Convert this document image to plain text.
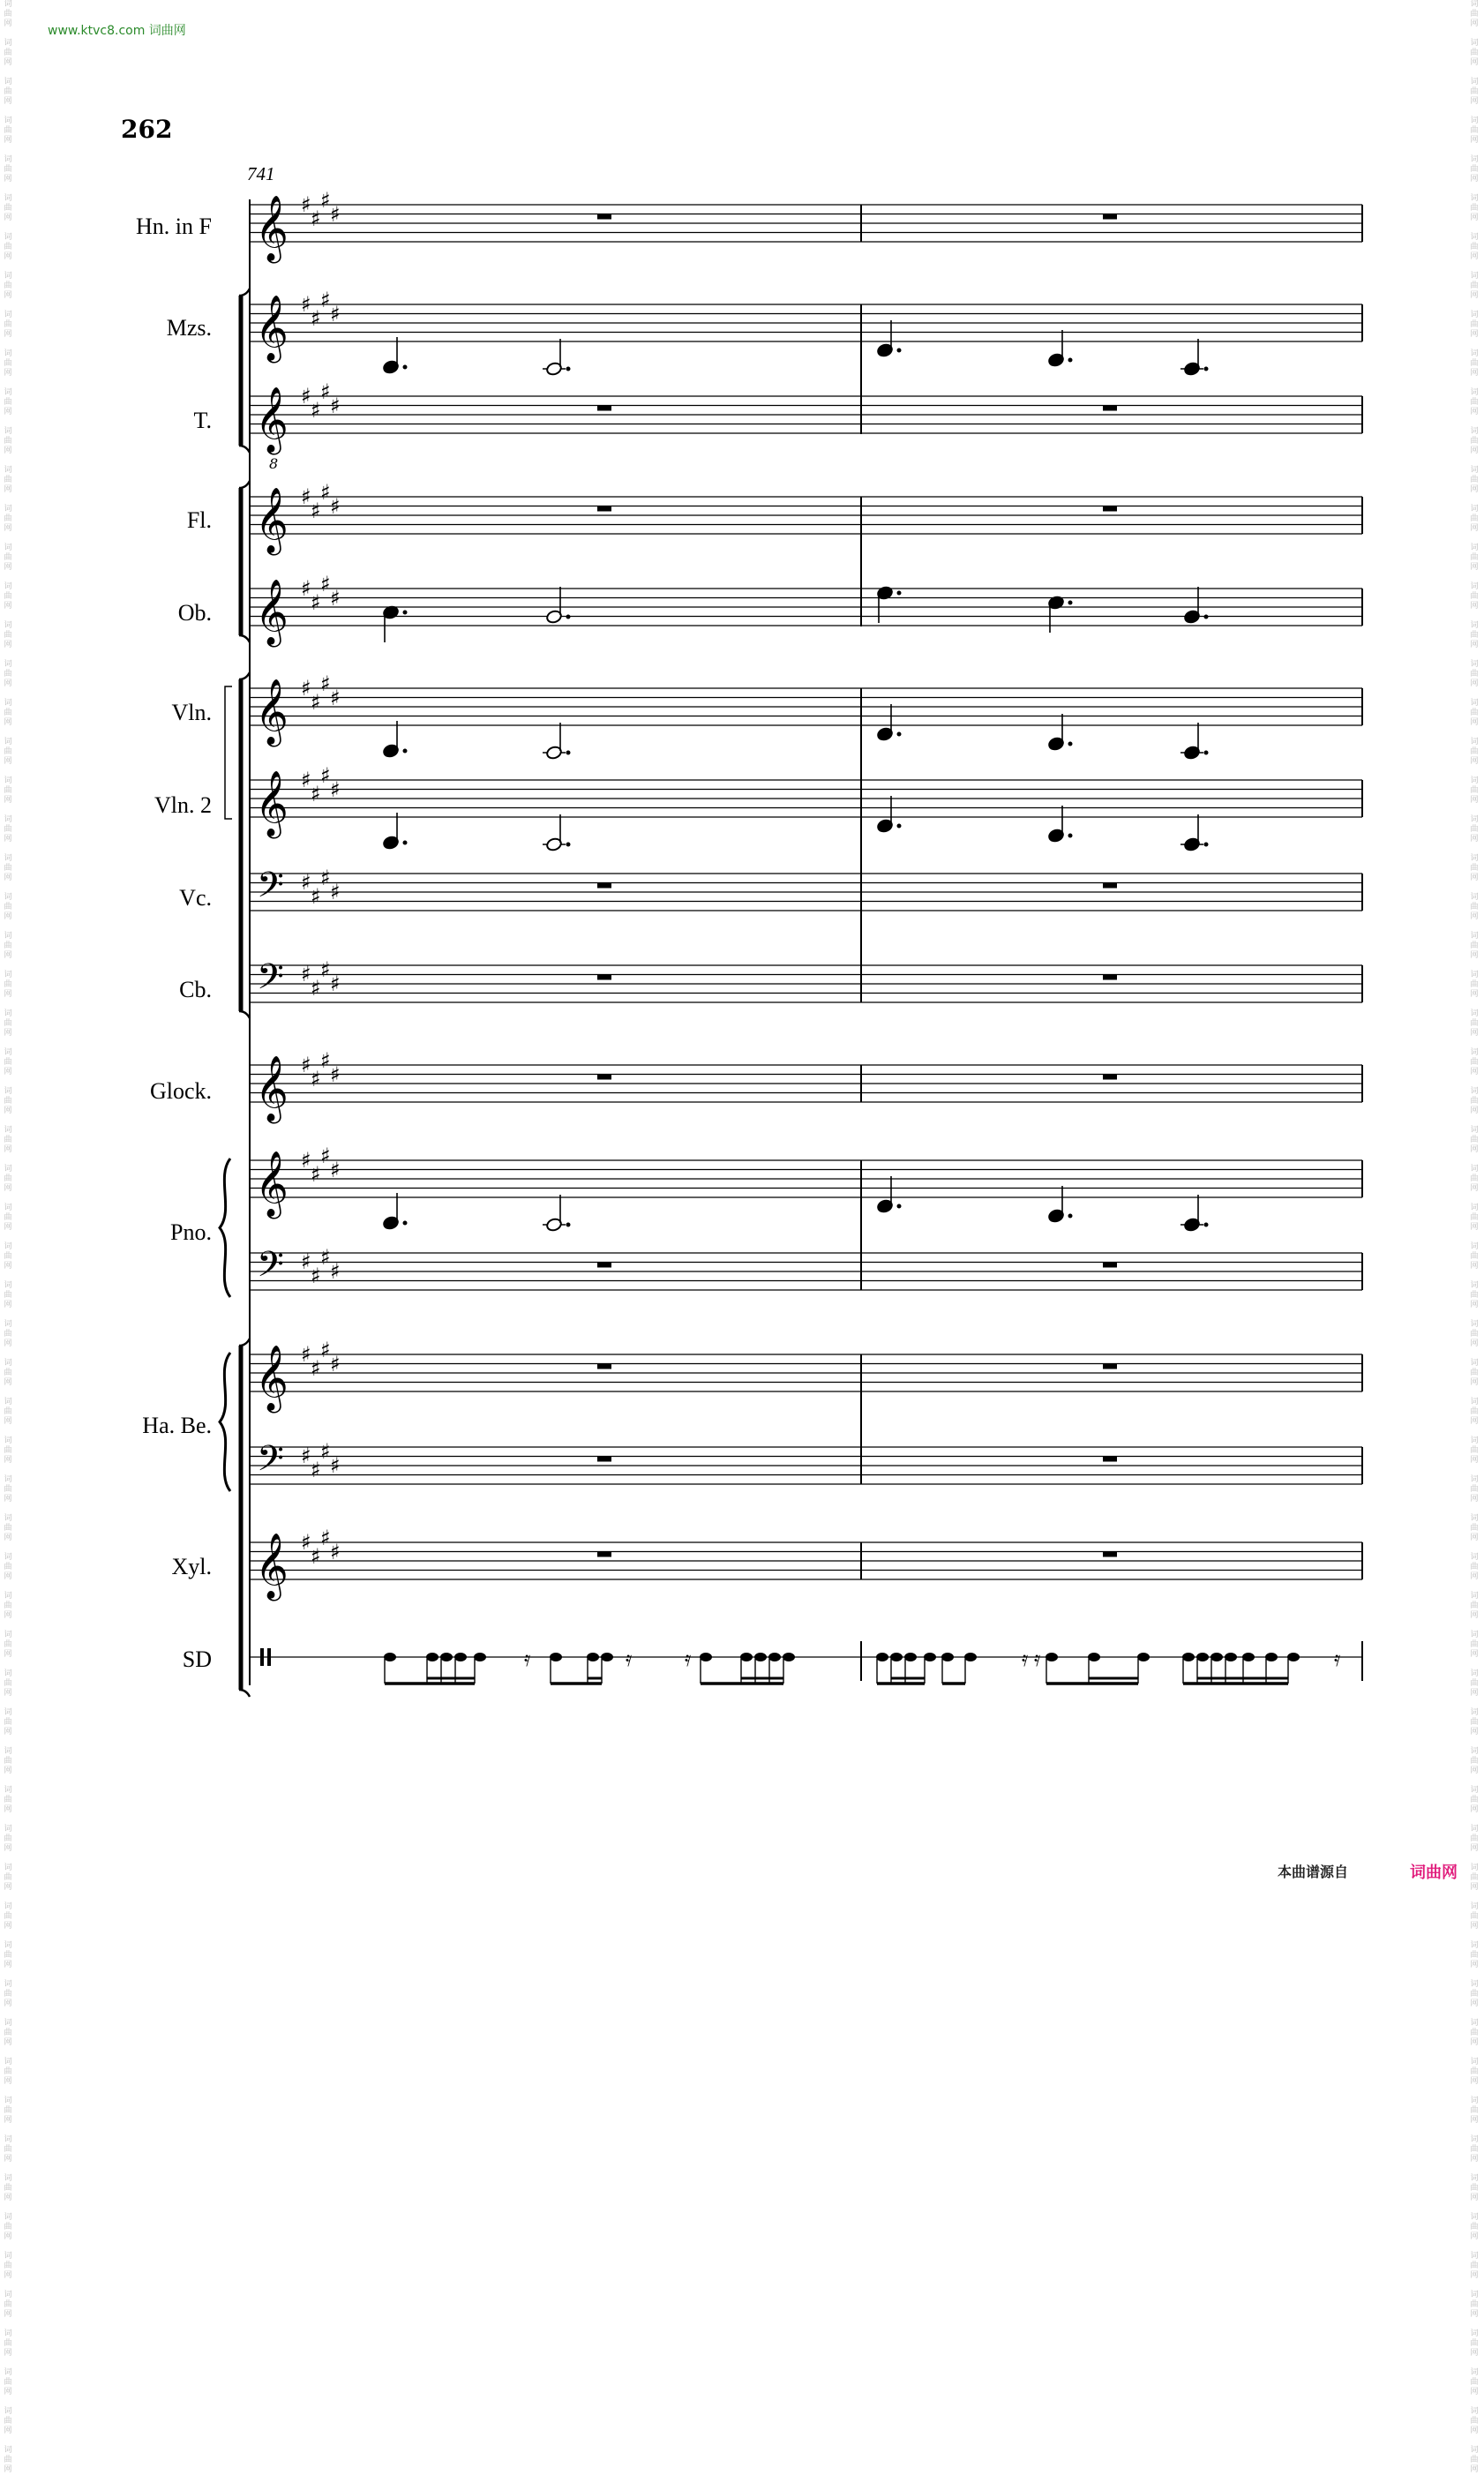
词
曲
网

词
曲
网

词
曲
网

词
曲
网

词
曲
网

词
曲
网

词
曲
网

词
曲
网

词
曲
网

词
曲
网

词
曲
网

词
曲
网

词
曲
网

词
曲
网

词
曲
网

词
曲
网

词
曲
网

词
曲
网

词
曲
网

词
曲
网

词
曲
网

词
曲
网

词
曲
网

词
曲
网

词
曲
网

词
曲
网

词
曲
网

词
曲
网

词
曲
网

词
曲
网

词
曲
网

词
曲
网

词
曲
网

词
曲
网

词
曲
网

词
曲
网

词
曲
网

词
曲
网

词
曲
网

词
曲
网

词
曲
网

词
曲
网

词
曲
网

词
曲
网

词
曲
网

词
曲
网

词
曲
网

词
曲
网

词
曲
网

词
曲
网

词
曲
网

词
曲
网

词
曲
网

词
曲
网

词
曲
网

词
曲
网

词
曲
网

词
曲
网

词
曲
网

词
曲
网

词
曲
网

词
曲
网

词
曲
网

词
曲
网

词
曲
网

词
曲
网

词
曲
网

词
曲
网

词
曲
网

词
曲
网

词
曲
网

词
曲
网

词
曲
网

词
曲
网

词
曲
网

词
曲
网

词
曲
网

词
曲
网

词
曲
网

词
曲
网

词
曲
网

词
曲
网

词
曲
网

词
曲
网

词
曲
网

词
曲
网

词
曲
网

词
曲
网

词
曲
网

词
曲
网

词
曲
网

词
曲
网

词
曲
网

词
曲
网

词
曲
网

词
曲
网

词
曲
网

词
曲
网

词
曲
网

词
曲
网

词
曲
网

词
曲
网

词
曲
网

词
曲
网

词
曲
网

词
曲
网

词
曲
网

词
曲
网

词
曲
网

词
曲
网

词
曲
网

词
曲
网

词
曲
网

词
曲
网

词
曲
网

词
曲
网

词
曲
网

词
曲
网

词
曲
网

词
曲
网

词
曲
网

词
曲
网

词
曲
网

词
曲
网

词
曲
网

词
曲
网

词
曲
网

词
曲
网

www.ktvc8.com 词曲网
262
741
Hn. in F
Mzs.
T.
Fl.
Ob.
Vln.
Vln. 2
Vc.
Cb.
Glock.
Pno.
Ha. Be.
Xyl.
SD
𝄞 ♯
♯
♯
♯
𝄞 ♯
♯
♯
♯
𝄞
8
♯
♯
♯
♯
𝄞 ♯
♯
♯
♯
𝄞 ♯
♯
♯
♯
𝄞 ♯
♯
♯
♯
𝄞 ♯
♯
♯
♯
𝄢 ♯
♯
♯
♯
𝄢 ♯
♯
♯
♯
𝄞 ♯
♯
♯
♯
𝄞 ♯
♯
♯
♯
𝄢 ♯
♯
♯
♯
𝄞 ♯
♯
♯
♯
𝄢 ♯
♯
♯
♯
𝄞 ♯
♯
♯
♯
𝄿	𝄿 𝄿	𝄿 𝄿	𝄿
本曲谱源自	词曲网
